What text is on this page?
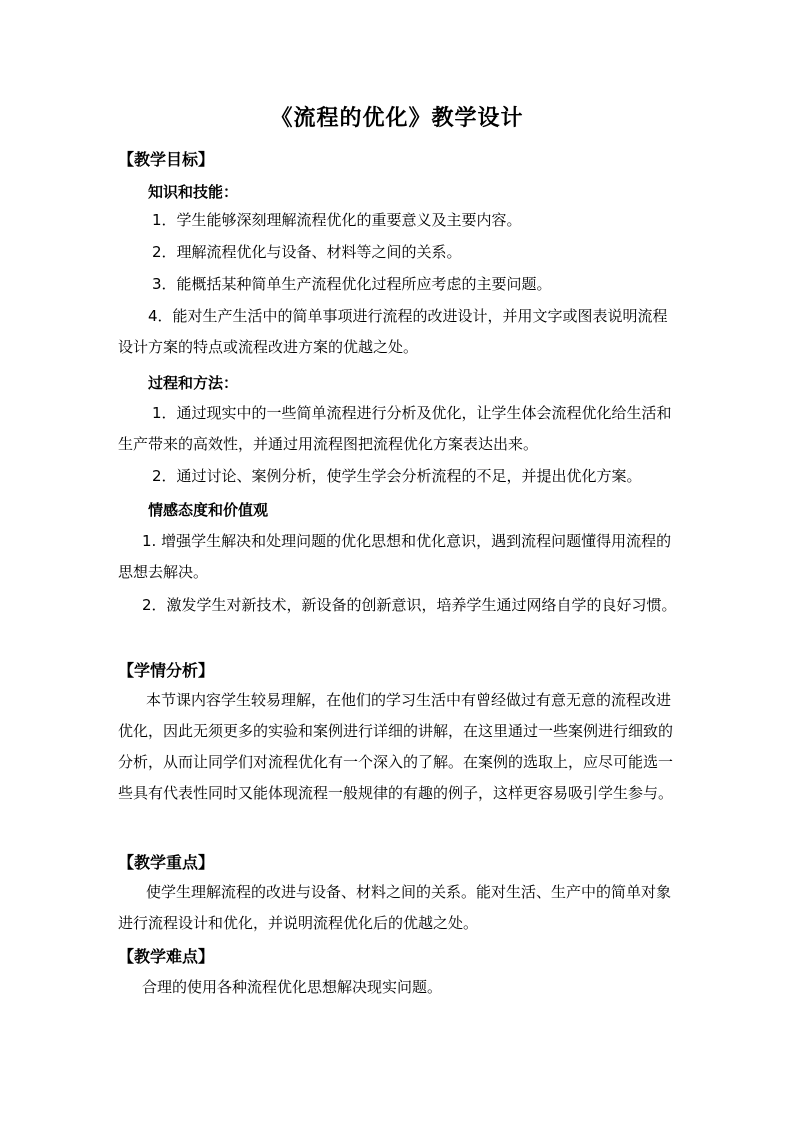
《流程的优化》教学设计
【教学目标】
知识和技能：
1．学生能够深刻理解流程优化的重要意义及主要内容。
2．理解流程优化与设备、材料等之间的关系。
3．能概括某种简单生产流程优化过程所应考虑的主要问题。
4．能对生产生活中的简单事项进行流程的改进设计，并用文字或图表说明流程设计方案的特点或流程改进方案的优越之处。
过程和方法：
1．通过现实中的一些简单流程进行分析及优化，让学生体会流程优化给生活和生产带来的高效性，并通过用流程图把流程优化方案表达出来。
2．通过讨论、案例分析，使学生学会分析流程的不足，并提出优化方案。
情感态度和价值观
1. 增强学生解决和处理问题的优化思想和优化意识，遇到流程问题懂得用流程的思想去解决。
2．激发学生对新技术，新设备的创新意识，培养学生通过网络自学的良好习惯。
【学情分析】
本节课内容学生较易理解，在他们的学习生活中有曾经做过有意无意的流程改进优化，因此无须更多的实验和案例进行详细的讲解，在这里通过一些案例进行细致的分析，从而让同学们对流程优化有一个深入的了解。在案例的选取上，应尽可能选一些具有代表性同时又能体现流程一般规律的有趣的例子，这样更容易吸引学生参与。
【教学重点】
使学生理解流程的改进与设备、材料之间的关系。能对生活、生产中的简单对象进行流程设计和优化，并说明流程优化后的优越之处。
【教学难点】
合理的使用各种流程优化思想解决现实问题。
